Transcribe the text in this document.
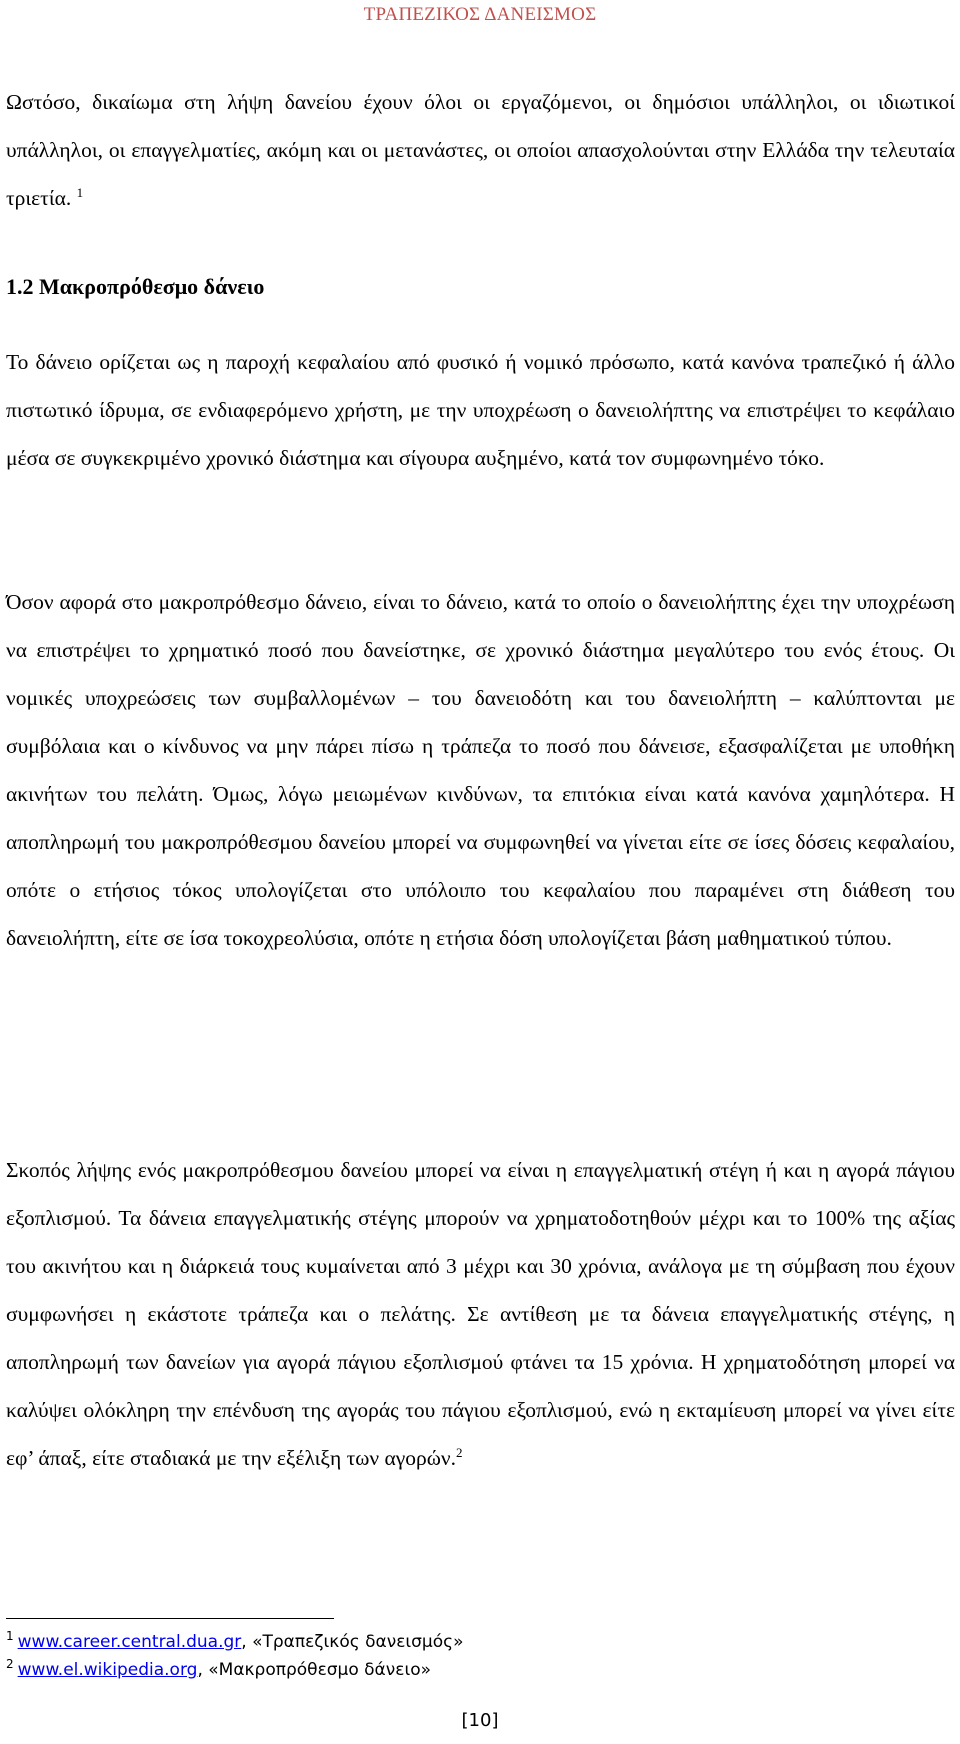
ΤΡΑΠΕΖΙΚΟΣ ΔΑΝΕΙΣΜΟΣ
Ωστόσο, δικαίωμα στη λήψη δανείου έχουν όλοι οι εργαζόμενοι, οι δημόσιοι υπάλληλοι, οι ιδιωτικοί υπάλληλοι, οι επαγγελματίες, ακόμη και οι μετανάστες, οι οποίοι απασχολούνται στην Ελλάδα την τελευταία τριετία. $^1$
1.2 Μακροπρόθεσμο δάνειο
Το δάνειο ορίζεται ως η παροχή κεφαλαίου από φυσικό ή νομικό πρόσωπο, κατά κανόνα τραπεζικό ή άλλο πιστωτικό ίδρυμα, σε ενδιαφερόμενο χρήστη, με την υποχρέωση ο δανειολήπτης να επιστρέψει το κεφάλαιο μέσα σε συγκεκριμένο χρονικό διάστημα και σίγουρα αυξημένο, κατά τον συμφωνημένο τόκο.
Όσον αφορά στο μακροπρόθεσμο δάνειο, είναι το δάνειο, κατά το οποίο ο δανειολήπτης έχει την υποχρέωση να επιστρέψει το χρηματικό ποσό που δανείστηκε, σε χρονικό διάστημα μεγαλύτερο του ενός έτους. Οι νομικές υποχρεώσεις των συμβαλλομένων – του δανειοδότη και του δανειολήπτη – καλύπτονται με συμβόλαια και ο κίνδυνος να μην πάρει πίσω η τράπεζα το ποσό που δάνεισε, εξασφαλίζεται με υποθήκη ακινήτων του πελάτη. Όμως, λόγω μειωμένων κινδύνων, τα επιτόκια είναι κατά κανόνα χαμηλότερα. Η αποπληρωμή του μακροπρόθεσμου δανείου μπορεί να συμφωνηθεί να γίνεται είτε σε ίσες δόσεις κεφαλαίου, οπότε ο ετήσιος τόκος υπολογίζεται στο υπόλοιπο του κεφαλαίου που παραμένει στη διάθεση του δανειολήπτη, είτε σε ίσα τοκοχρεολύσια, οπότε η ετήσια δόση υπολογίζεται βάση μαθηματικού τύπου.
Σκοπός λήψης ενός μακροπρόθεσμου δανείου μπορεί να είναι η επαγγελματική στέγη ή και η αγορά πάγιου εξοπλισμού. Τα δάνεια επαγγελματικής στέγης μπορούν να χρηματοδοτηθούν μέχρι και το 100% της αξίας του ακινήτου και η διάρκειά τους κυμαίνεται από 3 μέχρι και 30 χρόνια, ανάλογα με τη σύμβαση που έχουν συμφωνήσει η εκάστοτε τράπεζα και ο πελάτης. Σε αντίθεση με τα δάνεια επαγγελματικής στέγης, η αποπληρωμή των δανείων για αγορά πάγιου εξοπλισμού φτάνει τα 15 χρόνια. Η χρηματοδότηση μπορεί να καλύψει ολόκληρη την επένδυση της αγοράς του πάγιου εξοπλισμού, ενώ η εκταμίευση μπορεί να γίνει είτε εφ’ άπαξ, είτε σταδιακά με την εξέλιξη των αγορών.$^2$
$^1$ www.career.central.dua.gr, «Τραπεζικός δανεισμός»
$^2$ www.el.wikipedia.org, «Μακροπρόθεσμο δάνειο»
[10]
